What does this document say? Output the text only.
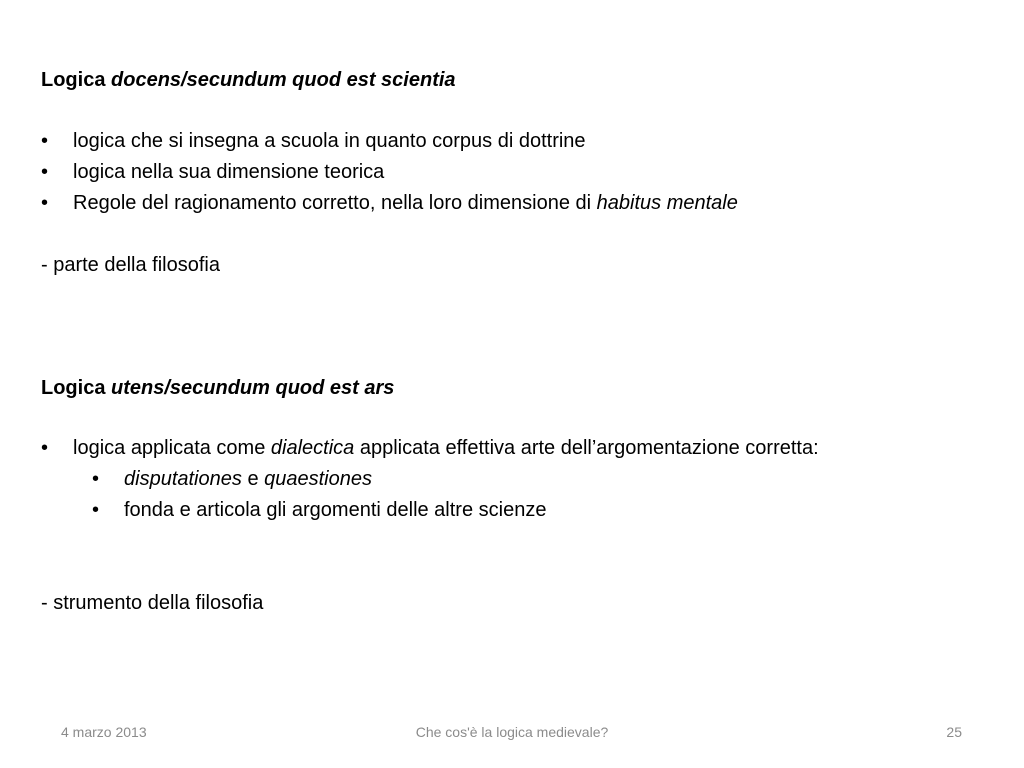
Logica docens/secundum quod est scientia
• logica che si insegna a scuola in quanto corpus di dottrine
• logica nella sua dimensione teorica
• Regole del ragionamento corretto, nella loro dimensione di habitus mentale
- parte della filosofia
Logica utens/secundum quod est ars
• logica applicata come dialectica applicata effettiva arte dell’argomentazione corretta:
• disputationes e quaestiones
• fonda e articola gli argomenti delle altre scienze
- strumento della filosofia
4 marzo 2013	Che cos'è la logica medievale?	25
